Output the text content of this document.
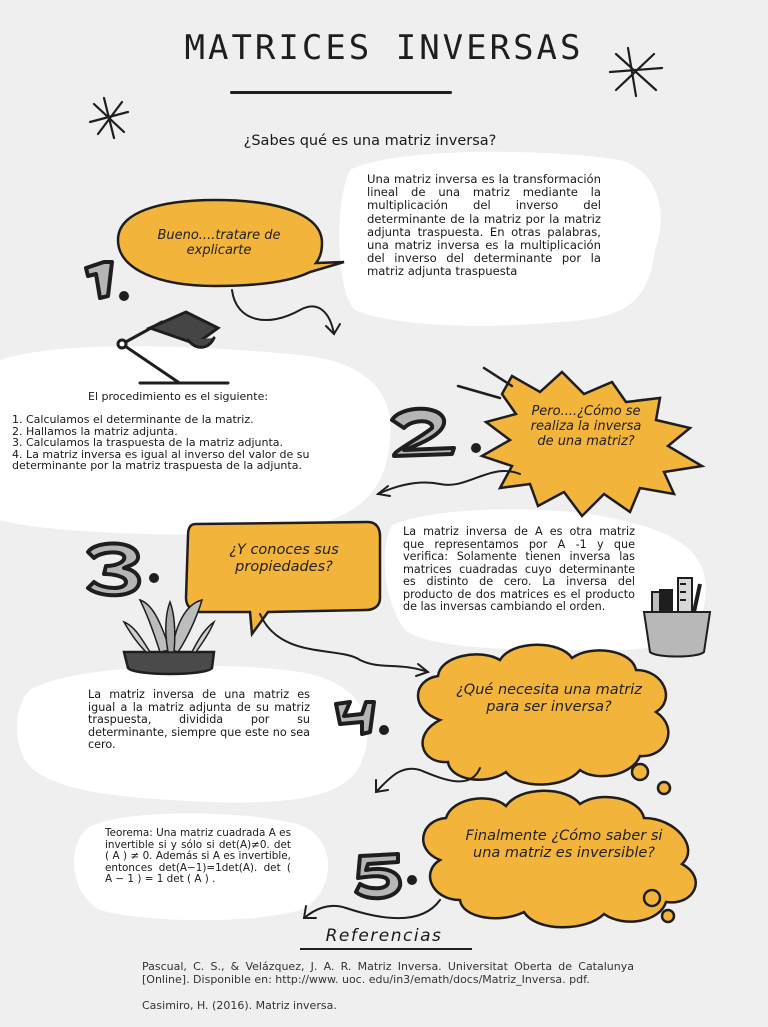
MATRICES INVERSAS
¿Sabes qué es una matriz inversa?
Bueno....tratare de explicarte
Una matriz inversa es la transformación lineal de una matriz mediante la multiplicación del inverso del determinante de la matriz por la matriz adjunta traspuesta. En otras palabras, una matriz inversa es la multiplicación del inverso del determinante por la matriz adjunta traspuesta
Pero....¿Cómo se realiza la inversa de una matriz?
El procedimiento es el siguiente:
1. Calculamos el determinante de la matriz.
2. Hallamos la matriz adjunta.
3. Calculamos la traspuesta de la matriz adjunta.
4. La matriz inversa es igual al inverso del valor de su determinante por la matriz traspuesta de la adjunta.
¿Y conoces sus propiedades?
La matriz inversa de A es otra matriz que representamos por A -1 y que verifica: Solamente tienen inversa las matrices cuadradas cuyo determinante es distinto de cero. La inversa del producto de dos matrices es el producto de las inversas cambiando el orden.
¿Qué necesita una matriz para ser inversa?
La matriz inversa de una matriz es igual a la matriz adjunta de su matriz traspuesta, dividida por su determinante, siempre que este no sea cero.
Finalmente ¿Cómo saber si una matriz es inversible?
Teorema: Una matriz cuadrada A es invertible si y sólo si det(A)≠0. det ( A ) ≠ 0. Además si A es invertible, entonces det(A−1)=1det(A). det ( A − 1 ) = 1 det ( A ) .
Referencias

Pascual, C. S., & Velázquez, J. A. R. Matriz Inversa. Universitat Oberta de Catalunya [Online]. Disponible en: http://www. uoc. edu/in3/emath/docs/Matriz_Inversa. pdf.

Casimiro, H. (2016). Matriz inversa.
